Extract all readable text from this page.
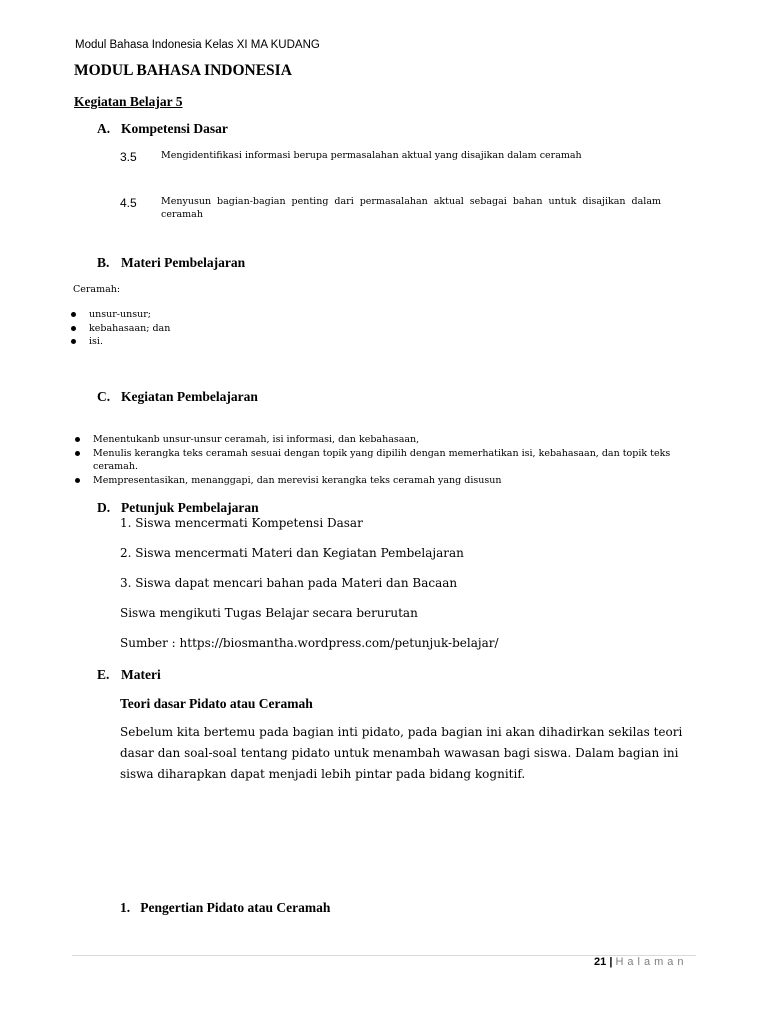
Modul Bahasa Indonesia Kelas XI MA KUDANG
MODUL BAHASA INDONESIA
Kegiatan Belajar 5
A. Kompetensi Dasar
3.5	Mengidentifikasi informasi berupa permasalahan aktual yang disajikan dalam ceramah
4.5	Menyusun bagian-bagian penting dari permasalahan aktual sebagai bahan untuk disajikan dalam ceramah
B. Materi Pembelajaran
Ceramah:
unsur-unsur;
kebahasaan; dan
isi.
C. Kegiatan Pembelajaran
Menentukanb unsur-unsur ceramah, isi informasi, dan kebahasaan,
Menulis kerangka teks ceramah sesuai dengan topik yang dipilih dengan memerhatikan isi, kebahasaan, dan topik teks ceramah.
Mempresentasikan, menanggapi, dan merevisi kerangka teks ceramah yang disusun
D. Petunjuk Pembelajaran
1. Siswa mencermati Kompetensi Dasar
2. Siswa mencermati Materi dan Kegiatan Pembelajaran
3. Siswa dapat mencari bahan pada Materi dan Bacaan
Siswa mengikuti Tugas Belajar secara berurutan
Sumber : https://biosmantha.wordpress.com/petunjuk-belajar/
E. Materi
Teori dasar Pidato atau Ceramah
Sebelum kita bertemu pada bagian inti pidato, pada bagian ini akan dihadirkan sekilas teori dasar dan soal-soal tentang pidato untuk menambah wawasan bagi siswa. Dalam bagian ini siswa diharapkan dapat menjadi lebih pintar pada bidang kognitif.
1.   Pengertian Pidato atau Ceramah
21 | Halaman
